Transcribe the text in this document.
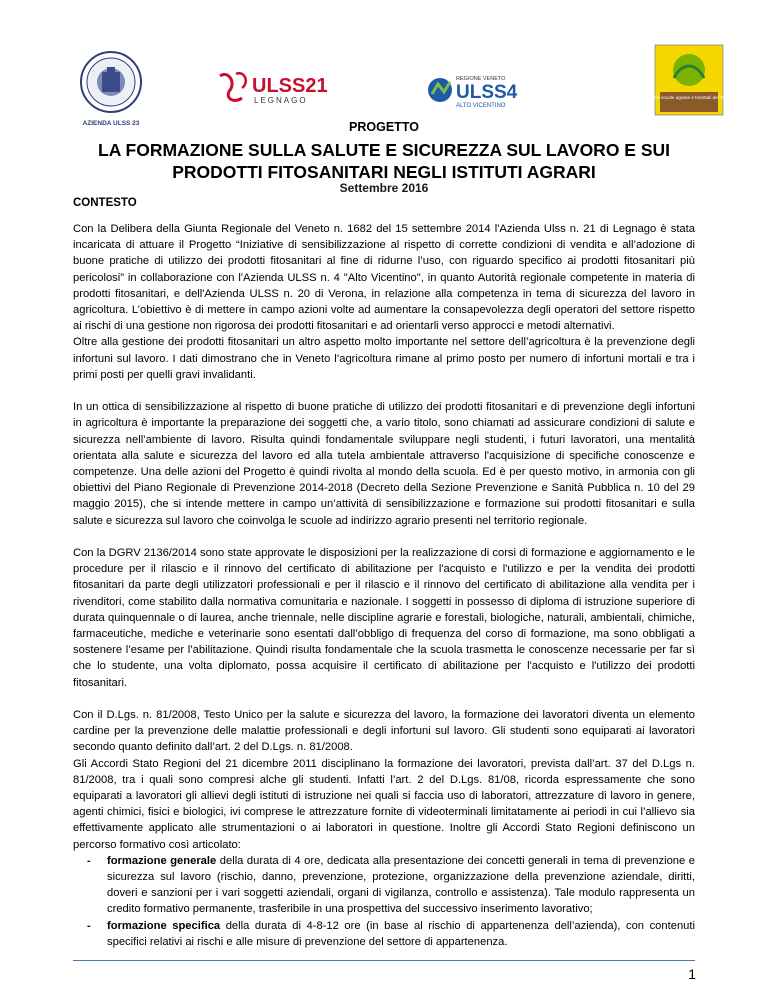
AZIENDA ULSS 23
ULSS21
LEGNAGO
REGIONE VENETO
ULSS4
ALTO VICENTINO
Rete delle scuole agrarie e forestali del Triveneto
PROGETTO
LA FORMAZIONE SULLA SALUTE E SICUREZZA SUL LAVORO E SUI PRODOTTI FITOSANITARI NEGLI ISTITUTI AGRARI
Settembre 2016
CONTESTO

Con la Delibera della Giunta Regionale del Veneto n. 1682 del 15 settembre 2014 l'Azienda Ulss n. 21 di Legnago è stata incaricata di attuare il Progetto “Iniziative di sensibilizzazione al rispetto di corrette condizioni di vendita e all’adozione di buone pratiche di utilizzo dei prodotti fitosanitari al fine di ridurne l’uso, con riguardo specifico ai prodotti fitosanitari più pericolosi” in collaborazione con l'Azienda ULSS n. 4 "Alto Vicentino", in quanto Autorità regionale competente in materia di prodotti fitosanitari, e dell'Azienda ULSS n. 20 di Verona, in relazione alla competenza in tema di sicurezza del lavoro in agricoltura. L’obiettivo è di mettere in campo azioni volte ad aumentare la consapevolezza degli operatori del settore rispetto ai rischi di una gestione non rigorosa dei prodotti fitosanitari e ad orientarli verso approcci e metodi alternativi.

Oltre alla gestione dei prodotti fitosanitari un altro aspetto molto importante nel settore dell’agricoltura è la prevenzione degli infortuni sul lavoro. I dati dimostrano che in Veneto l’agricoltura rimane al primo posto per numero di infortuni mortali e tra i primi posti per quelli gravi invalidanti.

In un ottica di sensibilizzazione al rispetto di buone pratiche di utilizzo dei prodotti fitosanitari e di prevenzione degli infortuni in agricoltura è importante la preparazione dei soggetti che, a vario titolo, sono chiamati ad assicurare condizioni di salute e sicurezza nell’ambiente di lavoro. Risulta quindi fondamentale sviluppare negli studenti, i futuri lavoratori, una mentalità orientata alla salute e sicurezza del lavoro ed alla tutela ambientale attraverso l'acquisizione di specifiche conoscenze e competenze. Una delle azioni del Progetto è quindi rivolta al mondo della scuola. Ed è per questo motivo, in armonia con gli obiettivi del Piano Regionale di Prevenzione 2014-2018 (Decreto della Sezione Prevenzione e Sanità Pubblica n. 10 del 29 maggio 2015), che si intende mettere in campo un’attività di sensibilizzazione e formazione sui prodotti fitosanitari e sulla salute e sicurezza sul lavoro che coinvolga le scuole ad indirizzo agrario presenti nel territorio regionale.

Con la DGRV 2136/2014 sono state approvate le disposizioni per la realizzazione di corsi di formazione e aggiornamento e le procedure per il rilascio e il rinnovo del certificato di abilitazione per l'acquisto e l'utilizzo e per la vendita dei prodotti fitosanitari da parte degli utilizzatori professionali e per il rilascio e il rinnovo del certificato di abilitazione alla vendita per i rivenditori, come stabilito dalla normativa comunitaria e nazionale. I soggetti in possesso di diploma di istruzione superiore di durata quinquennale o di laurea, anche triennale, nelle discipline agrarie e forestali, biologiche, naturali, ambientali, chimiche, farmaceutiche, mediche e veterinarie sono esentati dall’obbligo di frequenza del corso di formazione, ma sono obbligati a sostenere l’esame per l’abilitazione. Quindi risulta fondamentale che la scuola trasmetta le conoscenze necessarie per far sì che lo studente, una volta diplomato, possa acquisire il certificato di abilitazione per l'acquisto e l'utilizzo dei prodotti fitosanitari.

Con il D.Lgs. n. 81/2008, Testo Unico per la salute e sicurezza del lavoro, la formazione dei lavoratori diventa un elemento cardine per la prevenzione delle malattie professionali e degli infortuni sul lavoro. Gli studenti sono equiparati ai lavoratori secondo quanto definito dall’art. 2 del D.Lgs. n. 81/2008.

Gli Accordi Stato Regioni del 21 dicembre 2011 disciplinano la formazione dei lavoratori, prevista dall’art. 37 del D.Lgs n. 81/2008, tra i quali sono compresi alche gli studenti. Infatti l’art. 2 del D.Lgs. 81/08, ricorda espressamente che sono equiparati a lavoratori gli allievi degli istituti di istruzione nei quali si faccia uso di laboratori, attrezzature di lavoro in genere, agenti chimici, fisici e biologici, ivi comprese le attrezzature fornite di videoterminali limitatamente ai periodi in cui l’allievo sia effettivamente applicato alle strumentazioni o ai laboratori in questione. Inoltre gli Accordi Stato Regioni definiscono un percorso formativo così articolato:

- formazione generale della durata di 4 ore, dedicata alla presentazione dei concetti generali in tema di prevenzione e sicurezza sul lavoro (rischio, danno, prevenzione, protezione, organizzazione della prevenzione aziendale, diritti, doveri e sanzioni per i vari soggetti aziendali, organi di vigilanza, controllo e assistenza). Tale modulo rappresenta un credito formativo permanente, trasferibile in una prospettiva del successivo inserimento lavorativo;
- formazione specifica della durata di 4-8-12 ore (in base al rischio di appartenenza dell’azienda), con contenuti specifici relativi ai rischi e alle misure di prevenzione del settore di appartenenza.
1
